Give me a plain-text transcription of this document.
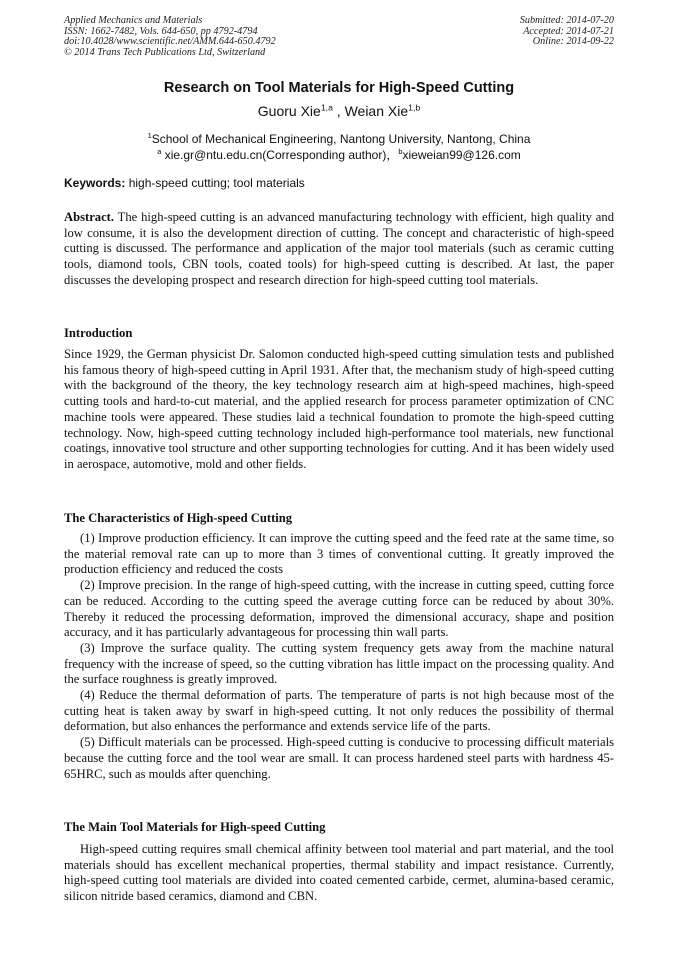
Applied Mechanics and Materials
ISSN: 1662-7482, Vols. 644-650, pp 4792-4794
doi:10.4028/www.scientific.net/AMM.644-650.4792
© 2014 Trans Tech Publications Ltd, Switzerland
Submitted: 2014-07-20
Accepted: 2014-07-21
Online: 2014-09-22
Research on Tool Materials for High-Speed Cutting
Guoru Xie$^{1,a}$ , Weian Xie$^{1,b}$
$^1$School of Mechanical Engineering, Nantong University, Nantong, China
$^a$ xie.gr@ntu.edu.cn(Corresponding author)，$^b$xieweian99@126.com
Keywords: high-speed cutting; tool materials

Abstract. The high-speed cutting is an advanced manufacturing technology with efficient, high quality and low consume, it is also the development direction of cutting. The concept and characteristic of high-speed cutting is discussed. The performance and application of the major tool materials (such as ceramic cutting tools, diamond tools, CBN tools, coated tools) for high-speed cutting is described. At last, the paper discusses the developing prospect and research direction for high-speed cutting tool materials.

Introduction

Since 1929, the German physicist Dr. Salomon conducted high-speed cutting simulation tests and published his famous theory of high-speed cutting in April 1931. After that, the mechanism study of high-speed cutting with the background of the theory, the key technology research aim at high-speed machines, high-speed cutting tools and hard-to-cut material, and the applied research for process parameter optimization of CNC machine tools were appeared. These studies laid a technical foundation to promote the high-speed cutting technology. Now, high-speed cutting technology included high-performance tool materials, new functional coatings, innovative tool structure and other supporting technologies for cutting. And it has been widely used in aerospace, automotive, mold and other fields.

The Characteristics of High-speed Cutting

(1) Improve production efficiency. It can improve the cutting speed and the feed rate at the same time, so the material removal rate can up to more than 3 times of conventional cutting. It greatly improved the production efficiency and reduced the costs

(2) Improve precision. In the range of high-speed cutting, with the increase in cutting speed, cutting force can be reduced. According to the cutting speed the average cutting force can be reduced by about 30%. Thereby it reduced the processing deformation, improved the dimensional accuracy, shape and position accuracy, and it has particularly advantageous for processing thin wall parts.

(3) Improve the surface quality. The cutting system frequency gets away from the machine natural frequency with the increase of speed, so the cutting vibration has little impact on the processing quality. And the surface roughness is greatly improved.

(4) Reduce the thermal deformation of parts. The temperature of parts is not high because most of the cutting heat is taken away by swarf in high-speed cutting. It not only reduces the possibility of thermal deformation, but also enhances the performance and extends service life of the parts.

(5) Difficult materials can be processed. High-speed cutting is conducive to processing difficult materials because the cutting force and the tool wear are small. It can process hardened steel parts with hardness 45-65HRC, such as moulds after quenching.

The Main Tool Materials for High-speed Cutting

High-speed cutting requires small chemical affinity between tool material and part material, and the tool materials should has excellent mechanical properties, thermal stability and impact resistance. Currently, high-speed cutting tool materials are divided into coated cemented carbide, cermet, alumina-based ceramic, silicon nitride based ceramics, diamond and CBN.
